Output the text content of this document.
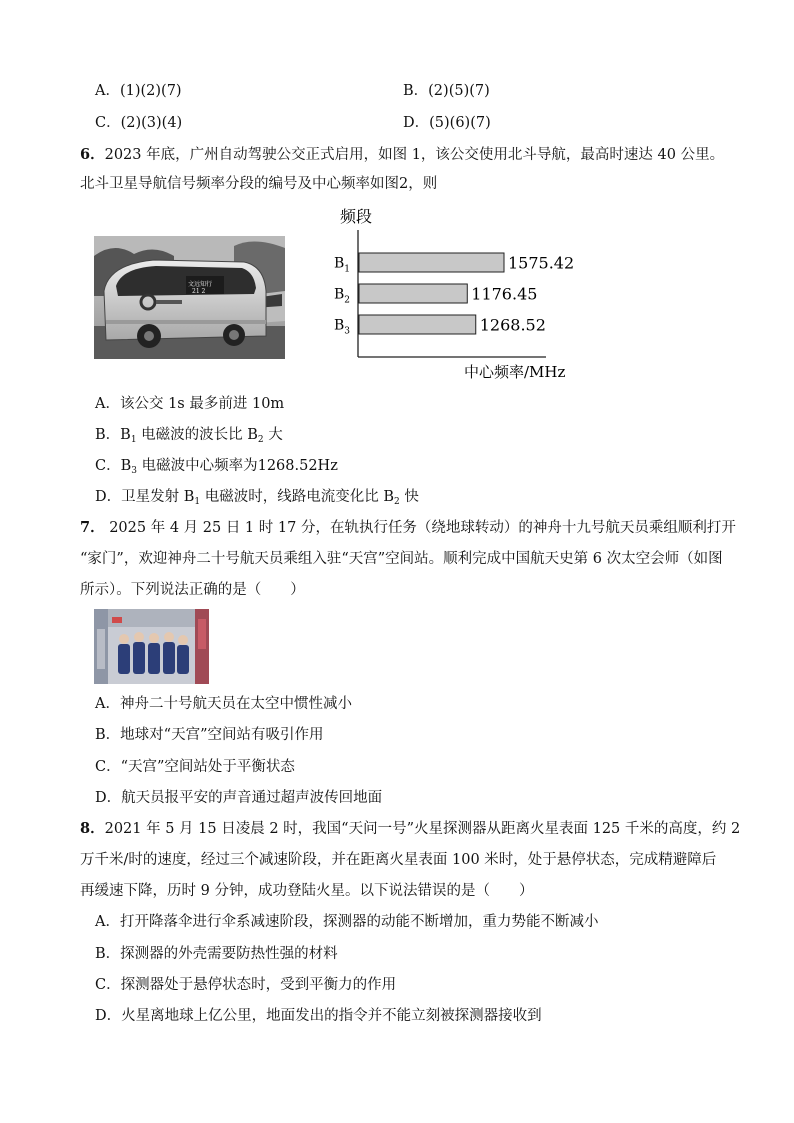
A．(1)(2)(7)	B．(2)(5)(7)
C．(2)(3)(4)	D．(5)(6)(7)
6．2023 年底，广州自动驾驶公交正式启用，如图 1，该公交使用北斗导航，最高时速达 40 公里。
北斗卫星导航信号频率分段的编号及中心频率如图2，则
文远知行
21 2
频段
$B_1$	1575.42
$B_2$	1176.45
$B_3$	1268.52
中心频率/MHz
A．该公交 1s 最多前进 10m
B．$B_1$ 电磁波的波长比 $B_2$ 大
C．$B_3$ 电磁波中心频率为1268.52Hz
D．卫星发射 $B_1$ 电磁波时，线路电流变化比 $B_2$ 快
7． 2025 年 4 月 25 日 1 时 17 分，在轨执行任务（绕地球转动）的神舟十九号航天员乘组顺利打开
“家门”，欢迎神舟二十号航天员乘组入驻“天宫”空间站。顺利完成中国航天史第 6 次太空会师（如图
所示）。下列说法正确的是（　　）
A．神舟二十号航天员在太空中惯性减小
B．地球对“天宫”空间站有吸引作用
C．“天宫”空间站处于平衡状态
D．航天员报平安的声音通过超声波传回地面
8．2021 年 5 月 15 日凌晨 2 时，我国“天问一号”火星探测器从距离火星表面 125 千米的高度，约 2
万千米/时的速度，经过三个减速阶段，并在距离火星表面 100 米时，处于悬停状态，完成精避障后
再缓速下降，历时 9 分钟，成功登陆火星。以下说法错误的是（　　）
A．打开降落伞进行伞系减速阶段，探测器的动能不断增加，重力势能不断减小
B．探测器的外壳需要防热性强的材料
C．探测器处于悬停状态时，受到平衡力的作用
D．火星离地球上亿公里，地面发出的指令并不能立刻被探测器接收到
